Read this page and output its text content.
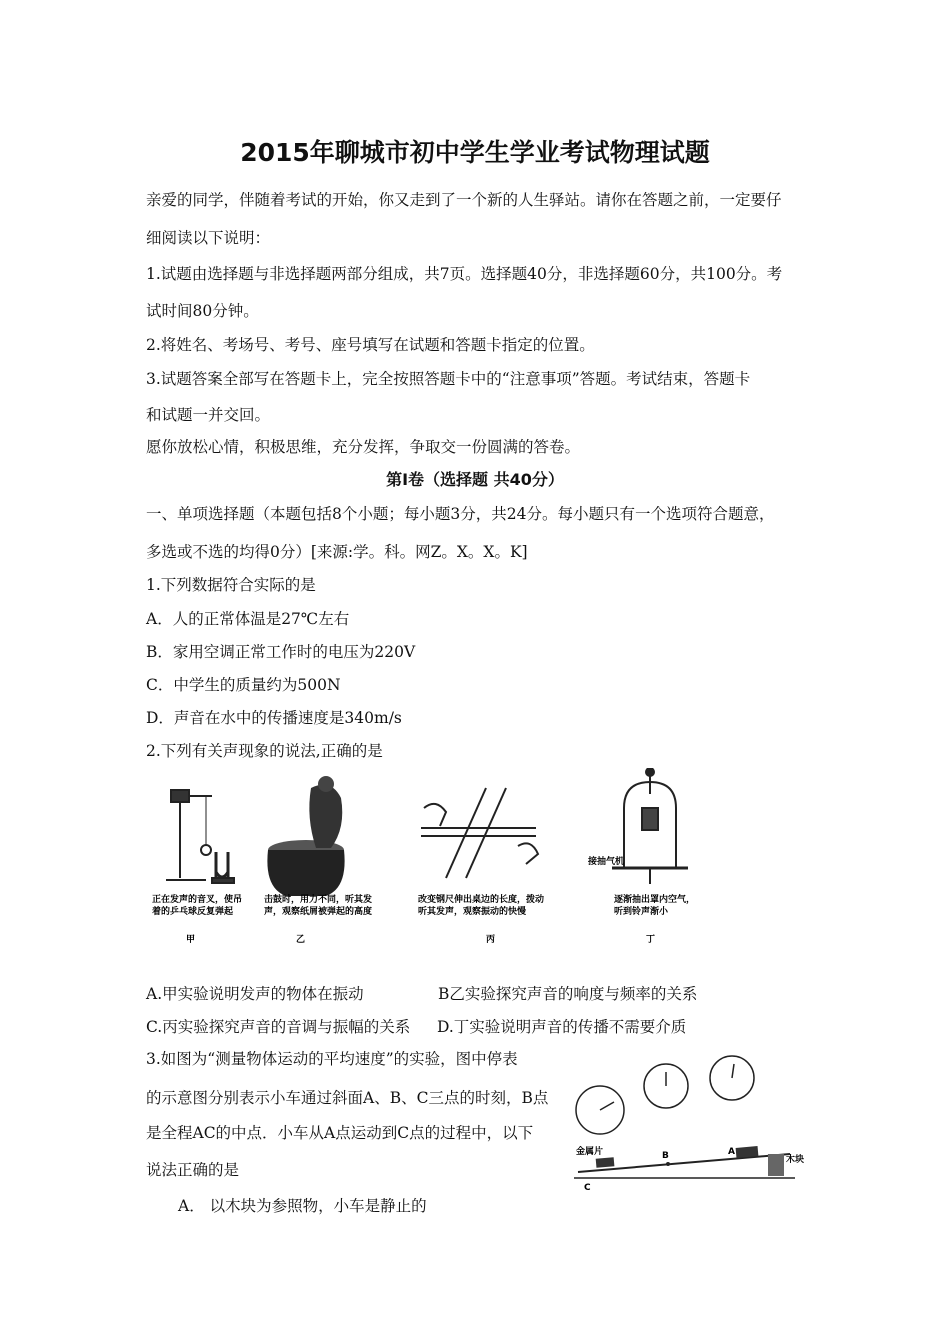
2015年聊城市初中学生学业考试物理试题
亲爱的同学，伴随着考试的开始，你又走到了一个新的人生驿站。请你在答题之前，一定要仔
细阅读以下说明：
1.试题由选择题与非选择题两部分组成，共7页。选择题40分，非选择题60分，共100分。考
试时间80分钟。
2.将姓名、考场号、考号、座号填写在试题和答题卡指定的位置。
3.试题答案全部写在答题卡上，完全按照答题卡中的“注意事项”答题。考试结束，答题卡
和试题一并交回。
愿你放松心情，积极思维，充分发挥，争取交一份圆满的答卷。
第Ⅰ卷（选择题 共40分）
一、单项选择题（本题包括8个小题；每小题3分，共24分。每小题只有一个选项符合题意，
多选或不选的均得0分）[来源:学。科。网Z。X。X。K]
1.下列数据符合实际的是
A．人的正常体温是27℃左右
B．家用空调正常工作时的电压为220V
C．中学生的质量约为500N
D．声音在水中的传播速度是340m/s
2.下列有关声现象的说法,正确的是
正在发声的音叉，使吊
着的乒乓球反复弹起
甲
击鼓时，用力不同，听其发
声，观察纸屑被弹起的高度
乙
改变钢尺伸出桌边的长度，拨动
听其发声，观察振动的快慢
丙
接抽气机
逐渐抽出罩内空气，
听到铃声渐小
丁
A.甲实验说明发声的物体在振动	B乙实验探究声音的响度与频率的关系
C.丙实验探究声音的音调与振幅的关系 D.丁实验说明声音的传播不需要介质
3.如图为“测量物体运动的平均速度”的实验，图中停表
的示意图分别表示小车通过斜面A、B、C三点的时刻，B点
是全程AC的中点．小车从A点运动到C点的过程中，以下
说法正确的是
A． 以木块为参照物，小车是静止的
金属片
木块
B	A
C
